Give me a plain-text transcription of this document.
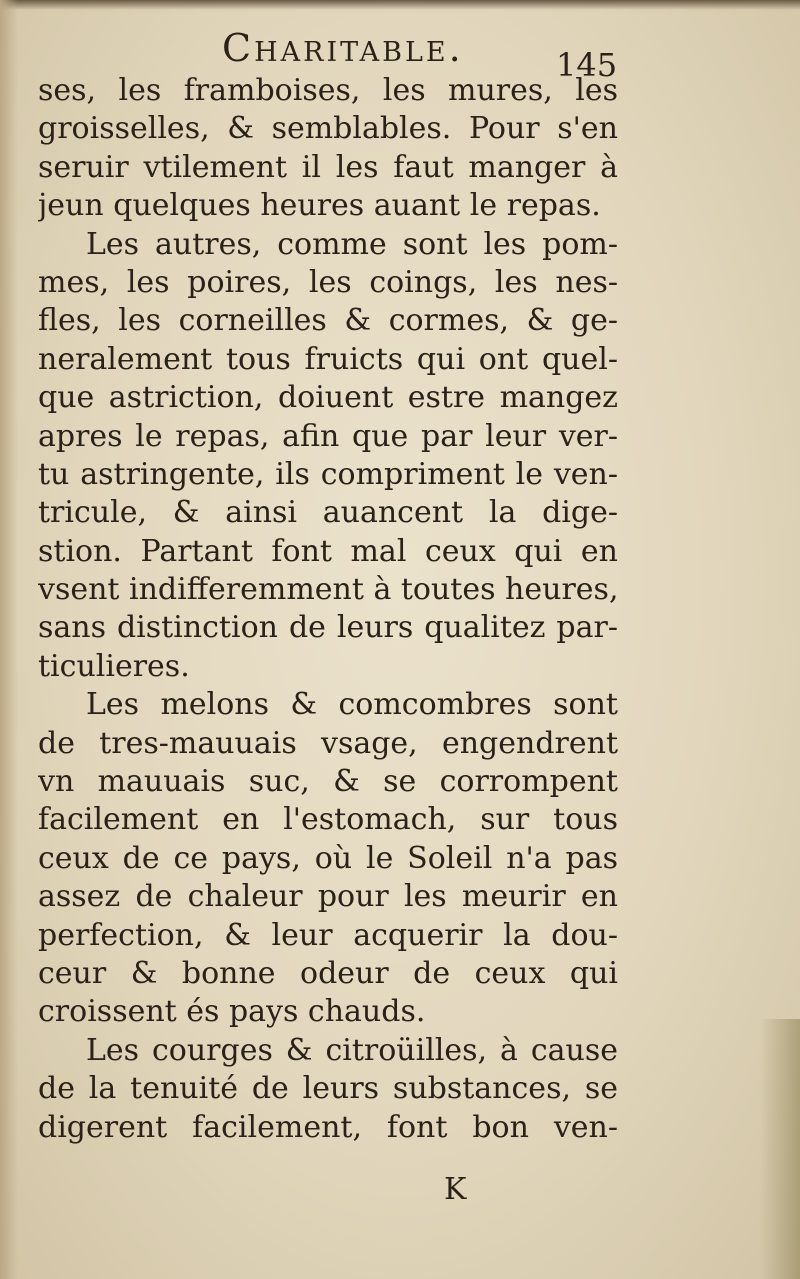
Charitable.	145
ses, les framboises, les mures, les
groisselles, & semblables. Pour s'en
seruir vtilement il les faut manger à
jeun quelques heures auant le repas.
Les autres, comme sont les pom-
mes, les poires, les coings, les nes-
fles, les corneilles & cormes, & ge-
neralement tous fruicts qui ont quel-
que astriction, doiuent estre mangez
apres le repas, afin que par leur ver-
tu astringente, ils compriment le ven-
tricule, & ainsi auancent la dige-
stion. Partant font mal ceux qui en
vsent indifferemment à toutes heures,
sans distinction de leurs qualitez par-
ticulieres.
Les melons & comcombres sont
de tres-mauuais vsage, engendrent
vn mauuais suc, & se corrompent
facilement en l'estomach, sur tous
ceux de ce pays, où le Soleil n'a pas
assez de chaleur pour les meurir en
perfection, & leur acquerir la dou-
ceur & bonne odeur de ceux qui
croissent és pays chauds.
Les courges & citroüilles, à cause
de la tenuité de leurs substances, se
digerent facilement, font bon ven-
K
